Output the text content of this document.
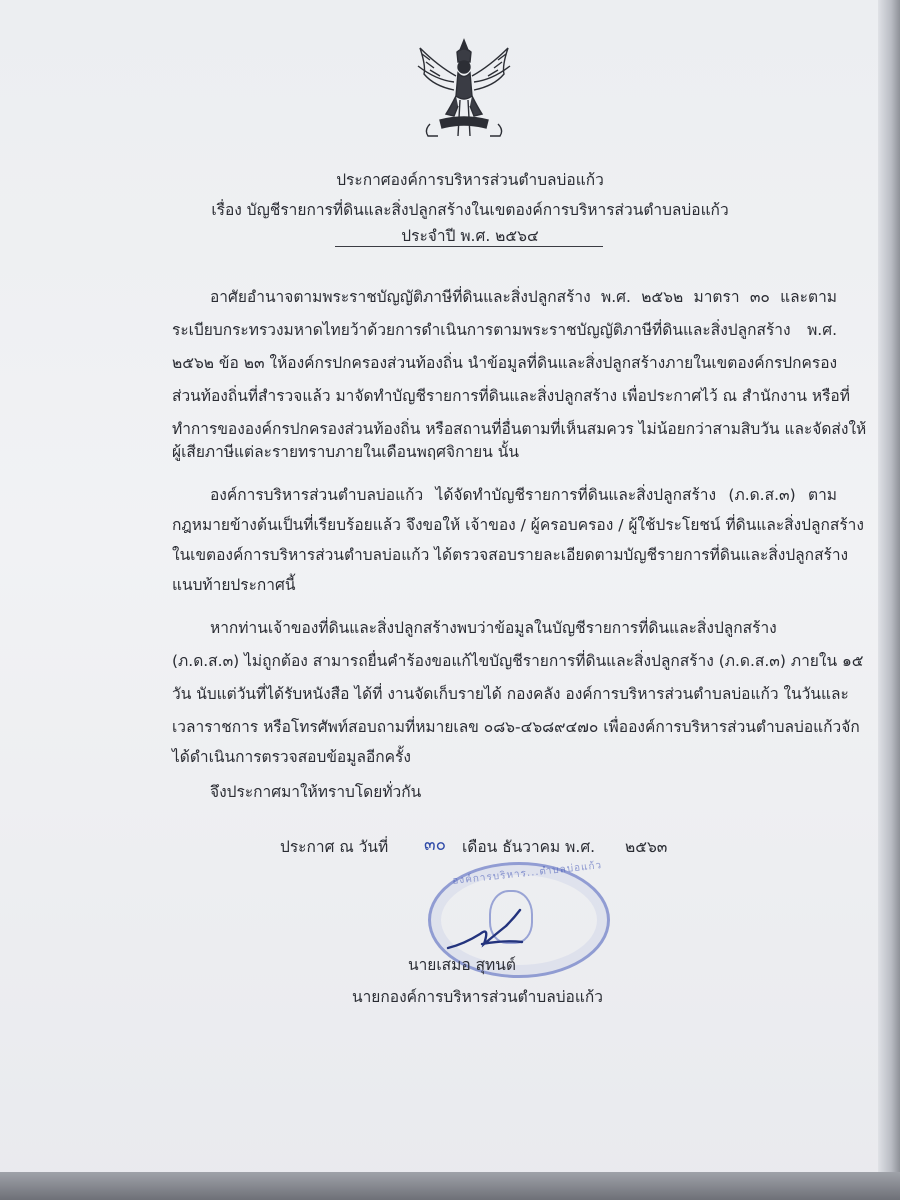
ประกาศองค์การบริหารส่วนตำบลบ่อแก้ว
เรื่อง บัญชีรายการที่ดินและสิ่งปลูกสร้างในเขตองค์การบริหารส่วนตำบลบ่อแก้ว
ประจำปี พ.ศ. ๒๕๖๔
อาศัยอำนาจตามพระราชบัญญัติภาษีที่ดินและสิ่งปลูกสร้าง พ.ศ. ๒๕๖๒ มาตรา ๓๐ และตาม
ระเบียบกระทรวงมหาดไทยว้าด้วยการดำเนินการตามพระราชบัญญัติภาษีที่ดินและสิ่งปลูกสร้าง พ.ศ.
๒๕๖๒ ข้อ ๒๓ ให้องค์กรปกครองส่วนท้องถิ่น นำข้อมูลที่ดินและสิ่งปลูกสร้างภายในเขตองค์กรปกครอง
ส่วนท้องถิ่นที่สำรวจแล้ว มาจัดทำบัญชีรายการที่ดินและสิ่งปลูกสร้าง เพื่อประกาศไว้ ณ สำนักงาน หรือที่
ทำการขององค์กรปกครองส่วนท้องถิ่น หรือสถานที่อื่นตามที่เห็นสมควร ไม่น้อยกว่าสามสิบวัน และจัดส่งให้
ผู้เสียภาษีแต่ละรายทราบภายในเดือนพฤศจิกายน นั้น
องค์การบริหารส่วนตำบลบ่อแก้ว ได้จัดทำบัญชีรายการที่ดินและสิ่งปลูกสร้าง (ภ.ด.ส.๓) ตาม
กฎหมายข้างต้นเป็นที่เรียบร้อยแล้ว จึงขอให้ เจ้าของ / ผู้ครอบครอง / ผู้ใช้ประโยชน์ ที่ดินและสิ่งปลูกสร้าง
ในเขตองค์การบริหารส่วนตำบลบ่อแก้ว ได้ตรวจสอบรายละเอียดตามบัญชีรายการที่ดินและสิ่งปลูกสร้าง
แนบท้ายประกาศนี้
หากท่านเจ้าของที่ดินและสิ่งปลูกสร้างพบว่าข้อมูลในบัญชีรายการที่ดินและสิ่งปลูกสร้าง
(ภ.ด.ส.๓) ไม่ถูกต้อง สามารถยื่นคำร้องขอแก้ไขบัญชีรายการที่ดินและสิ่งปลูกสร้าง (ภ.ด.ส.๓) ภายใน ๑๕
วัน นับแต่วันที่ได้รับหนังสือ ได้ที่ งานจัดเก็บรายได้ กองคลัง องค์การบริหารส่วนตำบลบ่อแก้ว ในวันและ
เวลาราชการ หรือโทรศัพท์สอบถามที่หมายเลข ๐๘๖-๔๖๘๙๔๗๐ เพื่อองค์การบริหารส่วนตำบลบ่อแก้วจัก
ได้ดำเนินการตรวจสอบข้อมูลอีกครั้ง
จึงประกาศมาให้ทราบโดยทั่วกัน
ประกาศ ณ วันที่ ๓๐ เดือน ธันวาคม พ.ศ. ๒๕๖๓
องค์การบริหาร...ตำบลบ่อแก้ว
นายเสมอ สุทนต์
นายกองค์การบริหารส่วนตำบลบ่อแก้ว
